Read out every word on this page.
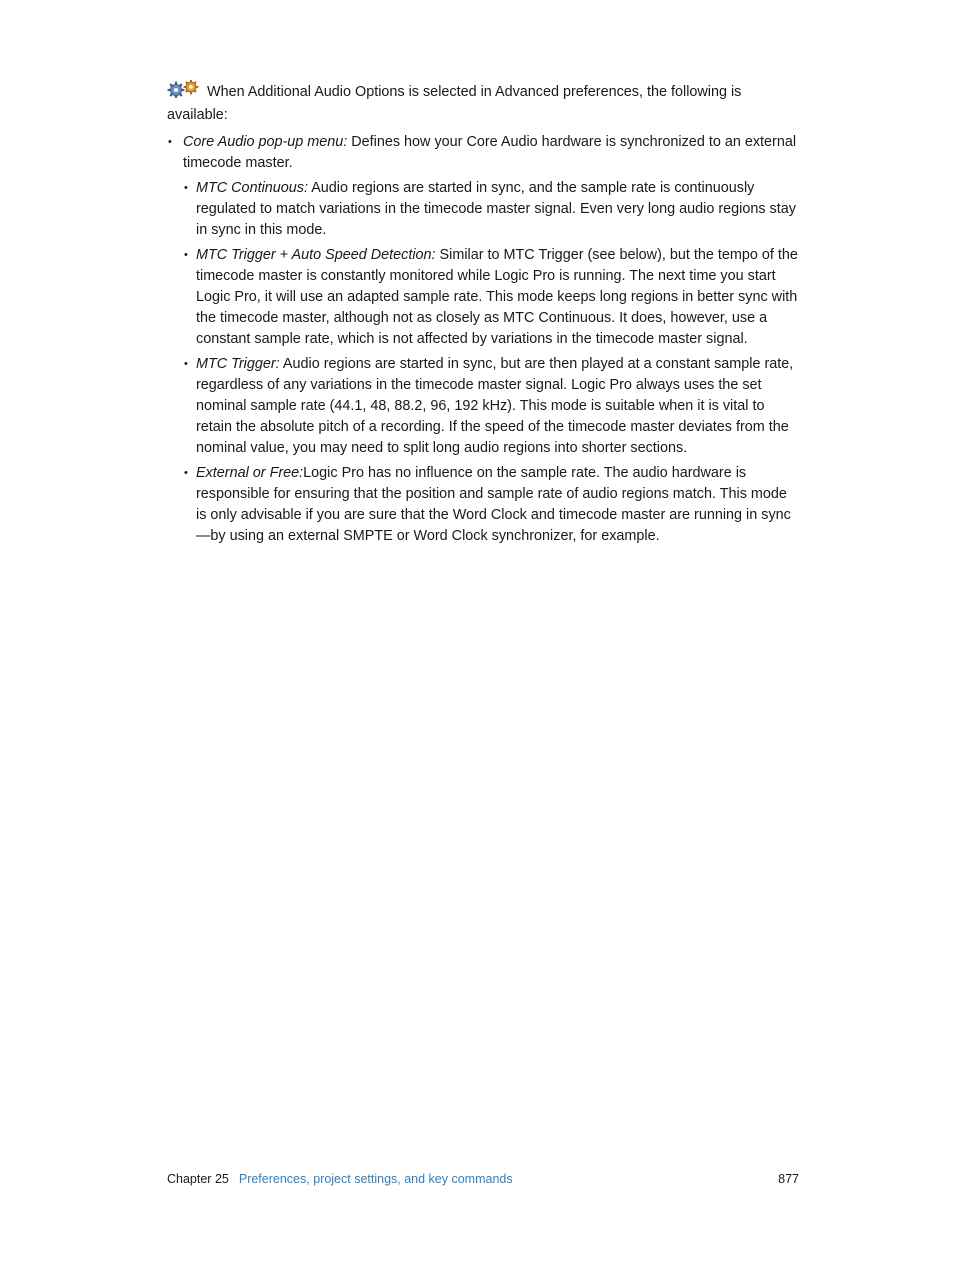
When Additional Audio Options is selected in Advanced preferences, the following is available:

• Core Audio pop-up menu: Defines how your Core Audio hardware is synchronized to an external timecode master.
• MTC Continuous: Audio regions are started in sync, and the sample rate is continuously regulated to match variations in the timecode master signal. Even very long audio regions stay in sync in this mode.
• MTC Trigger + Auto Speed Detection: Similar to MTC Trigger (see below), but the tempo of the timecode master is constantly monitored while Logic Pro is running. The next time you start Logic Pro, it will use an adapted sample rate. This mode keeps long regions in better sync with the timecode master, although not as closely as MTC Continuous. It does, however, use a constant sample rate, which is not affected by variations in the timecode master signal.
• MTC Trigger: Audio regions are started in sync, but are then played at a constant sample rate, regardless of any variations in the timecode master signal. Logic Pro always uses the set nominal sample rate (44.1, 48, 88.2, 96, 192 kHz). This mode is suitable when it is vital to retain the absolute pitch of a recording. If the speed of the timecode master deviates from the nominal value, you may need to split long audio regions into shorter sections.
• External or Free:Logic Pro has no influence on the sample rate. The audio hardware is responsible for ensuring that the position and sample rate of audio regions match. This mode is only advisable if you are sure that the Word Clock and timecode master are running in sync—by using an external SMPTE or Word Clock synchronizer, for example.
Chapter 25 Preferences, project settings, and key commands	877
